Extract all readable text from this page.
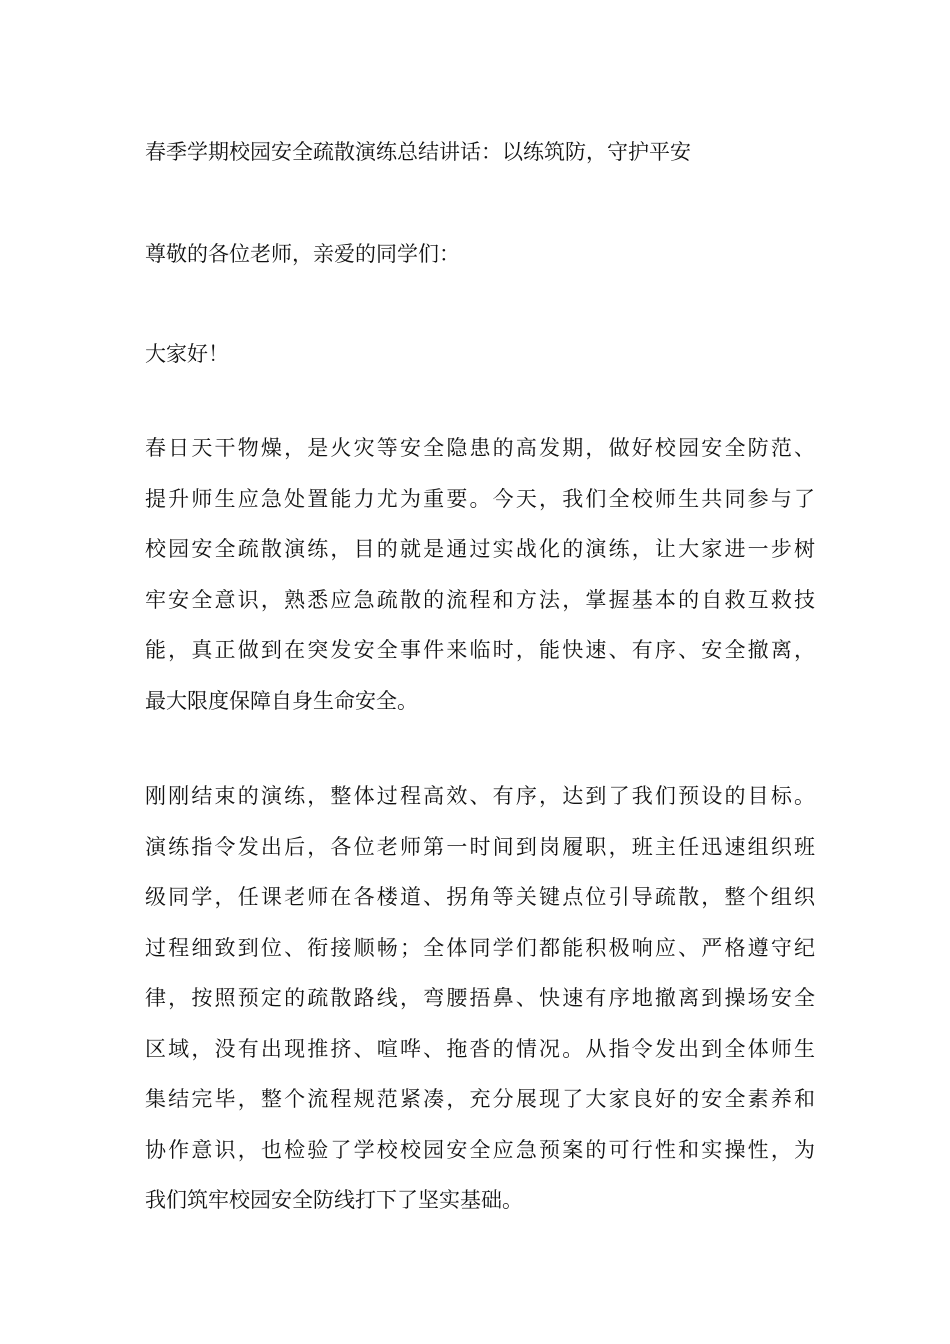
春季学期校园安全疏散演练总结讲话：以练筑防，守护平安

尊敬的各位老师，亲爱的同学们：

大家好！

春日天干物燥，是火灾等安全隐患的高发期，做好校园安全防范、
提升师生应急处置能力尤为重要。今天，我们全校师生共同参与了
校园安全疏散演练，目的就是通过实战化的演练，让大家进一步树
牢安全意识，熟悉应急疏散的流程和方法，掌握基本的自救互救技
能，真正做到在突发安全事件来临时，能快速、有序、安全撤离，
最大限度保障自身生命安全。
刚刚结束的演练，整体过程高效、有序，达到了我们预设的目标。
演练指令发出后，各位老师第一时间到岗履职，班主任迅速组织班
级同学，任课老师在各楼道、拐角等关键点位引导疏散，整个组织
过程细致到位、衔接顺畅；全体同学们都能积极响应、严格遵守纪
律，按照预定的疏散路线，弯腰捂鼻、快速有序地撤离到操场安全
区域，没有出现推挤、喧哗、拖沓的情况。从指令发出到全体师生
集结完毕，整个流程规范紧凑，充分展现了大家良好的安全素养和
协作意识，也检验了学校校园安全应急预案的可行性和实操性，为
我们筑牢校园安全防线打下了坚实基础。
